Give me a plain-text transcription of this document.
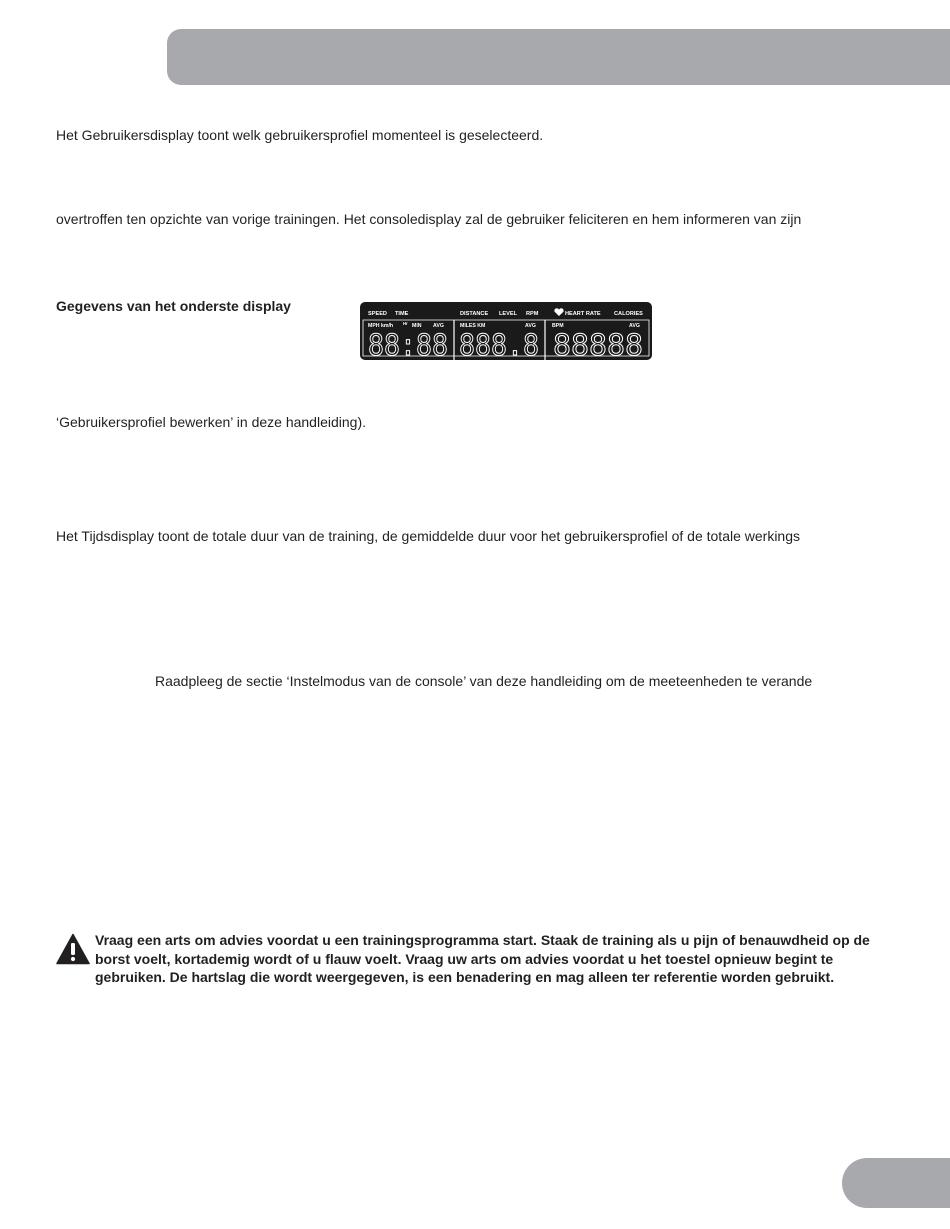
Het Gebruikersdisplay toont welk gebruikersprofiel momenteel is geselecteerd.

overtroffen ten opzichte van vorige trainingen. Het consoledisplay zal de gebruiker feliciteren en hem informeren van zijn

Gegevens van het onderste display	SPEED TIME	DISTANCE LEVEL RPM	HEART RATE CALORIES
MPH km/h Hr MIN AVG	MILES KM	AVG	BPM	AVG
88:88 888.8 88888

‘Gebruikersprofiel bewerken’ in deze handleiding).

Het Tijdsdisplay toont de totale duur van de training, de gemiddelde duur voor het gebruikersprofiel of de totale werkings

Raadpleeg de sectie ‘Instelmodus van de console’ van deze handleiding om de meeteenheden te verande

Vraag een arts om advies voordat u een trainingsprogramma start. Staak de training als u pijn of benauwdheid op de borst voelt, kortademig wordt of u flauw voelt. Vraag uw arts om advies voordat u het toestel opnieuw begint te gebruiken. De hartslag die wordt weergegeven, is een benadering en mag alleen ter referentie worden gebruikt.
